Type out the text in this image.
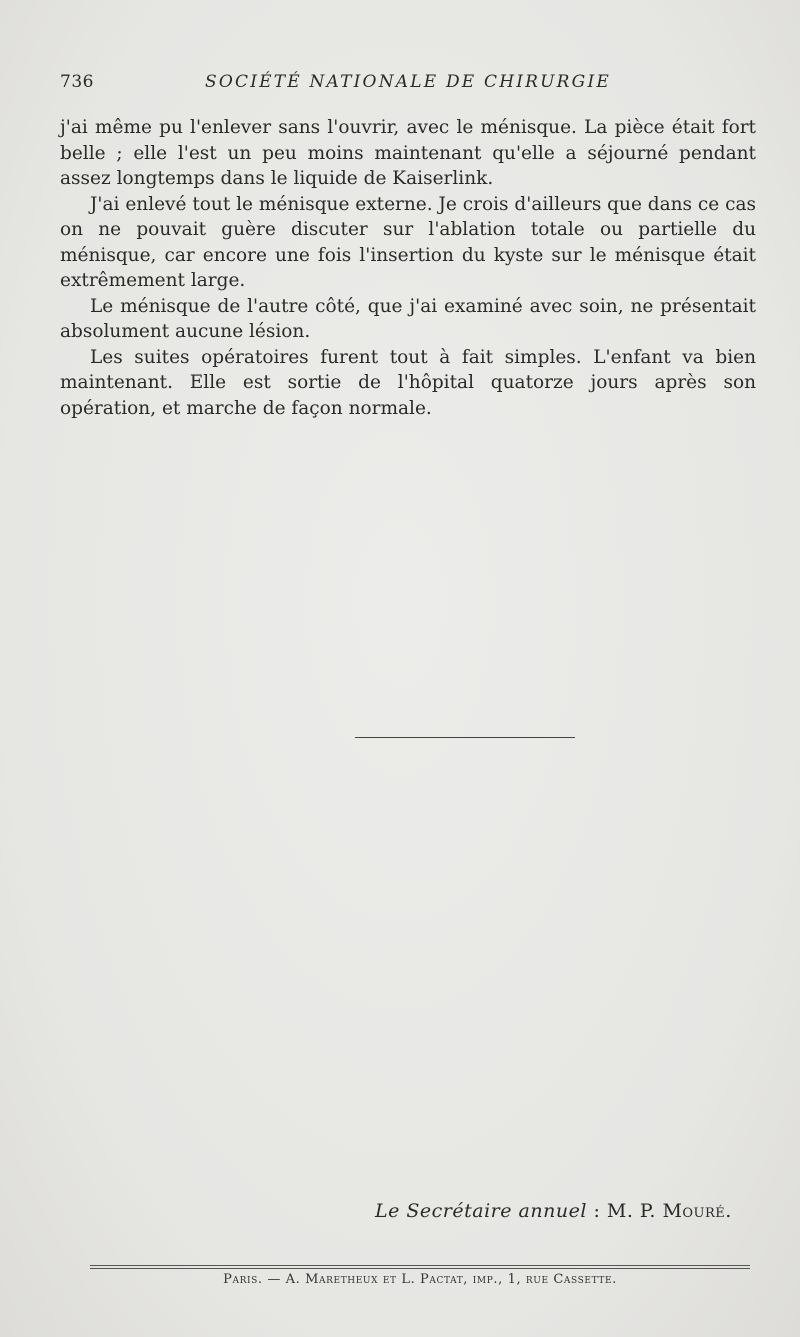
736	SOCIÉTÉ NATIONALE DE CHIRURGIE

j'ai même pu l'enlever sans l'ouvrir, avec le ménisque. La pièce était fort belle ; elle l'est un peu moins maintenant qu'elle a séjourné pendant assez longtemps dans le liquide de Kaiserlink.

J'ai enlevé tout le ménisque externe. Je crois d'ailleurs que dans ce cas on ne pouvait guère discuter sur l'ablation totale ou partielle du ménisque, car encore une fois l'insertion du kyste sur le ménisque était extrêmement large.

Le ménisque de l'autre côté, que j'ai examiné avec soin, ne présentait absolument aucune lésion.

Les suites opératoires furent tout à fait simples. L'enfant va bien maintenant. Elle est sortie de l'hôpital quatorze jours après son opération, et marche de façon normale.

Le Secrétaire annuel : M. P. Mouré.
Paris. — A. Maretheux et L. Pactat, imp., 1, rue Cassette.
